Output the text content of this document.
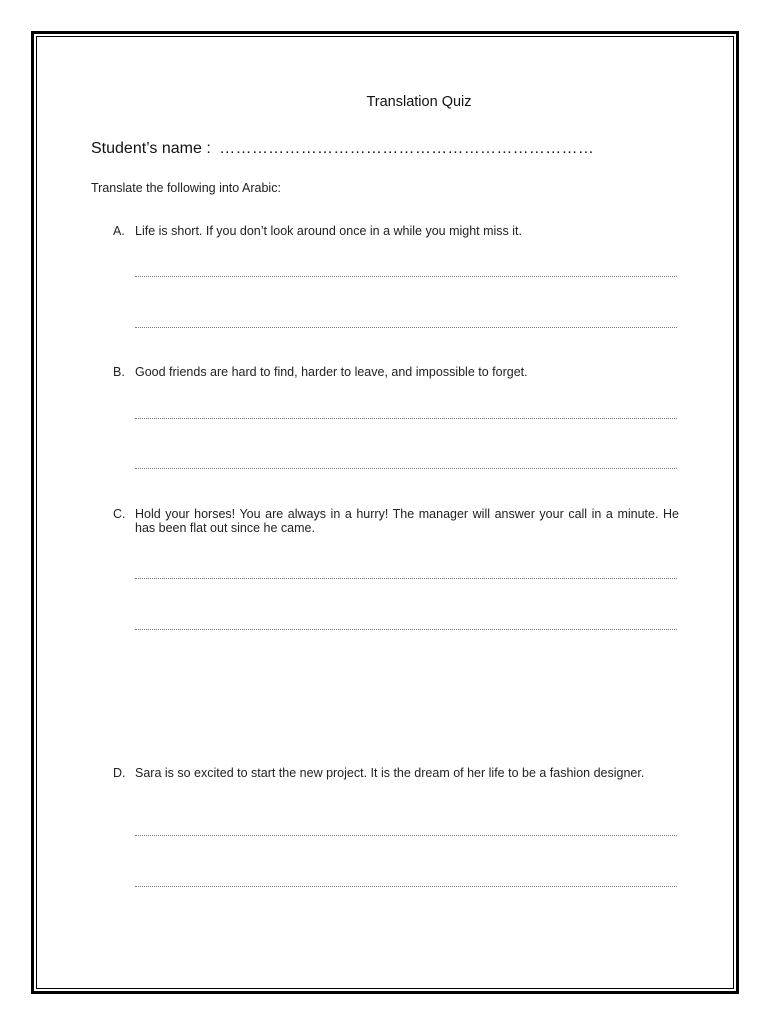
Translation Quiz
Student’s name : ……………………………………………………………
Translate the following into Arabic:
A. Life is short. If you don’t look around once in a while you might miss it.
B. Good friends are hard to find, harder to leave, and impossible to forget.
C. Hold your horses! You are always in a hurry! The manager will answer your call in a minute. He has been flat out since he came.
D. Sara is so excited to start the new project. It is the dream of her life to be a fashion designer.
